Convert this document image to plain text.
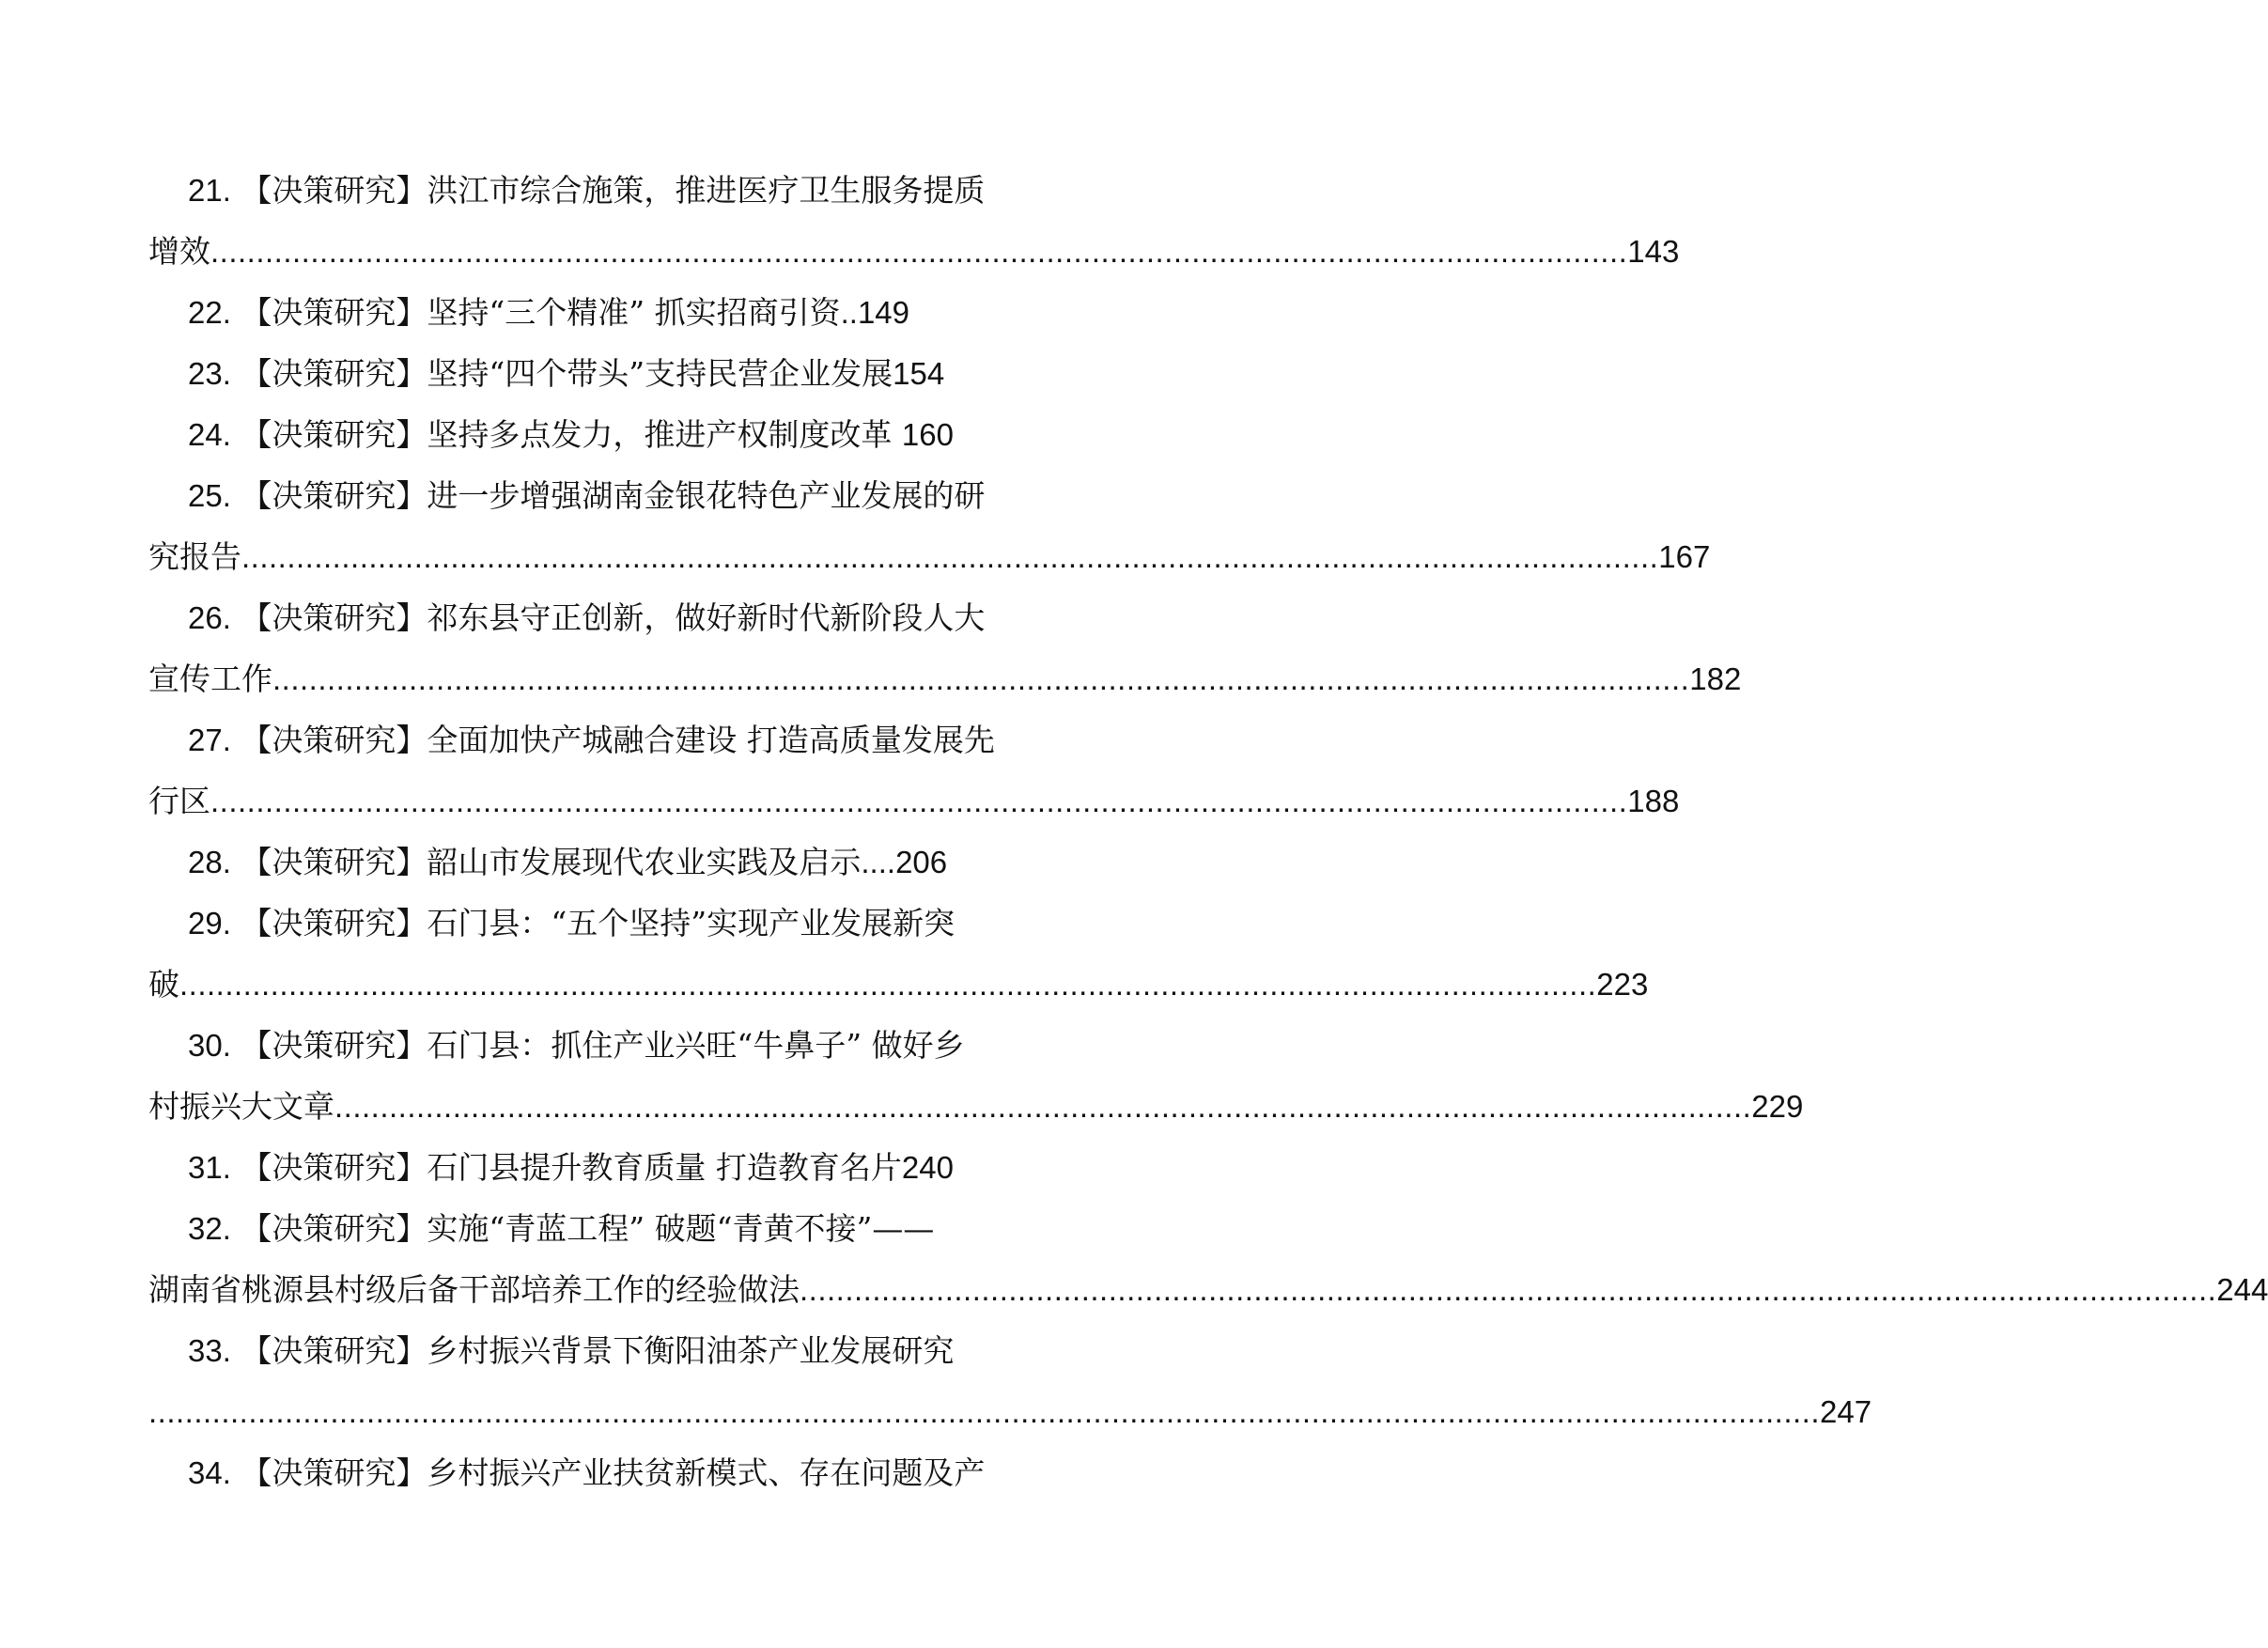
21. 【决策研究】洪江市综合施策，推进医疗卫生服务提质
增效 ............................................................................................................................................................ 143
22. 【决策研究】坚持“三个精准” 抓实招商引资..149
23. 【决策研究】坚持“四个带头”支持民营企业发展154
24. 【决策研究】坚持多点发力，推进产权制度改革 160
25. 【决策研究】进一步增强湖南金银花特色产业发展的研
究报告 ............................................................................................................................................................ 167
26. 【决策研究】祁东县守正创新，做好新时代新阶段人大
宣传工作 ............................................................................................................................................................ 182
27. 【决策研究】全面加快产城融合建设 打造高质量发展先
行区 ............................................................................................................................................................ 188
28. 【决策研究】韶山市发展现代农业实践及启示....206
29. 【决策研究】石门县：“五个坚持”实现产业发展新突
破 ............................................................................................................................................................ 223
30. 【决策研究】石门县：抓住产业兴旺“牛鼻子” 做好乡
村振兴大文章 ............................................................................................................................................................ 229
31. 【决策研究】石门县提升教育质量 打造教育名片240
32. 【决策研究】实施“青蓝工程” 破题“青黄不接”——
湖南省桃源县村级后备干部培养工作的经验做法 ............................................................................................................................................................ 244
33. 【决策研究】乡村振兴背景下衡阳油茶产业发展研究
........................................................................................................................................................................................ 247
34. 【决策研究】乡村振兴产业扶贫新模式、存在问题及产
